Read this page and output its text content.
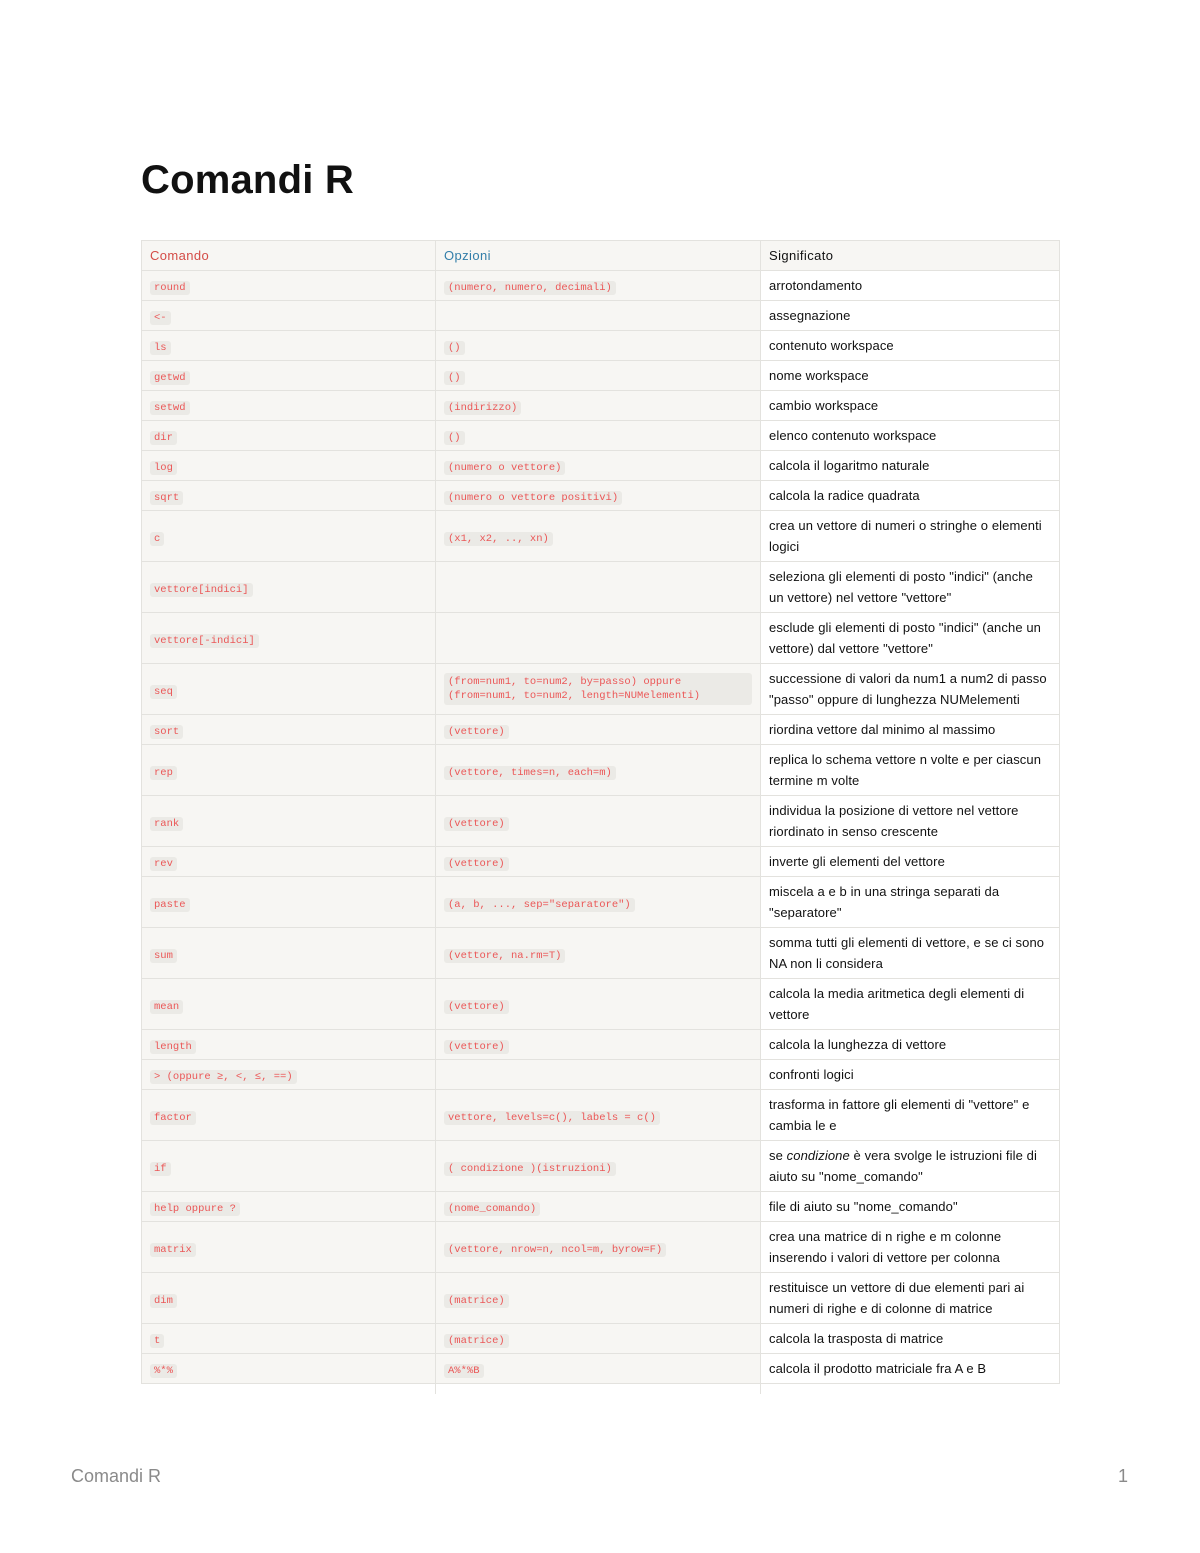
Comandi R
Comando	Opzioni	Significato
round	(numero, numero, decimali)	arrotondamento
<-		assegnazione
ls	()	contenuto workspace
getwd	()	nome workspace
setwd	(indirizzo)	cambio workspace
dir	()	elenco contenuto workspace
log	(numero o vettore)	calcola il logaritmo naturale
sqrt	(numero o vettore positivi)	calcola la radice quadrata
c	(x1, x2, .., xn)	crea un vettore di numeri o stringhe o elementi logici
vettore[indici]		seleziona gli elementi di posto "indici" (anche un vettore) nel vettore "vettore"
vettore[-indici]		esclude gli elementi di posto "indici" (anche un vettore) dal vettore "vettore"
seq	(from=num1, to=num2, by=passo) oppure (from=num1, to=num2, length=NUMelementi)	successione di valori da num1 a num2 di passo "passo" oppure di lunghezza NUMelementi
sort	(vettore)	riordina vettore dal minimo al massimo
rep	(vettore, times=n, each=m)	replica lo schema vettore n volte e per ciascun termine m volte
rank	(vettore)	individua la posizione di vettore nel vettore riordinato in senso crescente
rev	(vettore)	inverte gli elementi del vettore
paste	(a, b, ..., sep="separatore")	miscela a e b in una stringa separati da "separatore"
sum	(vettore, na.rm=T)	somma tutti gli elementi di vettore, e se ci sono NA non li considera
mean	(vettore)	calcola la media aritmetica degli elementi di vettore
length	(vettore)	calcola la lunghezza di vettore
> (oppure ≥, <, ≤, ==)		confronti logici
factor	vettore, levels=c(), labels = c()	trasforma in fattore gli elementi di "vettore" e cambia le e
if	( condizione )(istruzioni)	se condizione è vera svolge le istruzioni file di aiuto su "nome_comando"
help oppure ?	(nome_comando)	file di aiuto su "nome_comando"
matrix	(vettore, nrow=n, ncol=m, byrow=F)	crea una matrice di n righe e m colonne inserendo i valori di vettore per colonna
dim	(matrice)	restituisce un vettore di due elementi pari ai numeri di righe e di colonne di matrice
t	(matrice)	calcola la trasposta di matrice
%*%	A%*%B	calcola il prodotto matriciale fra A e B

Comandi R	1
